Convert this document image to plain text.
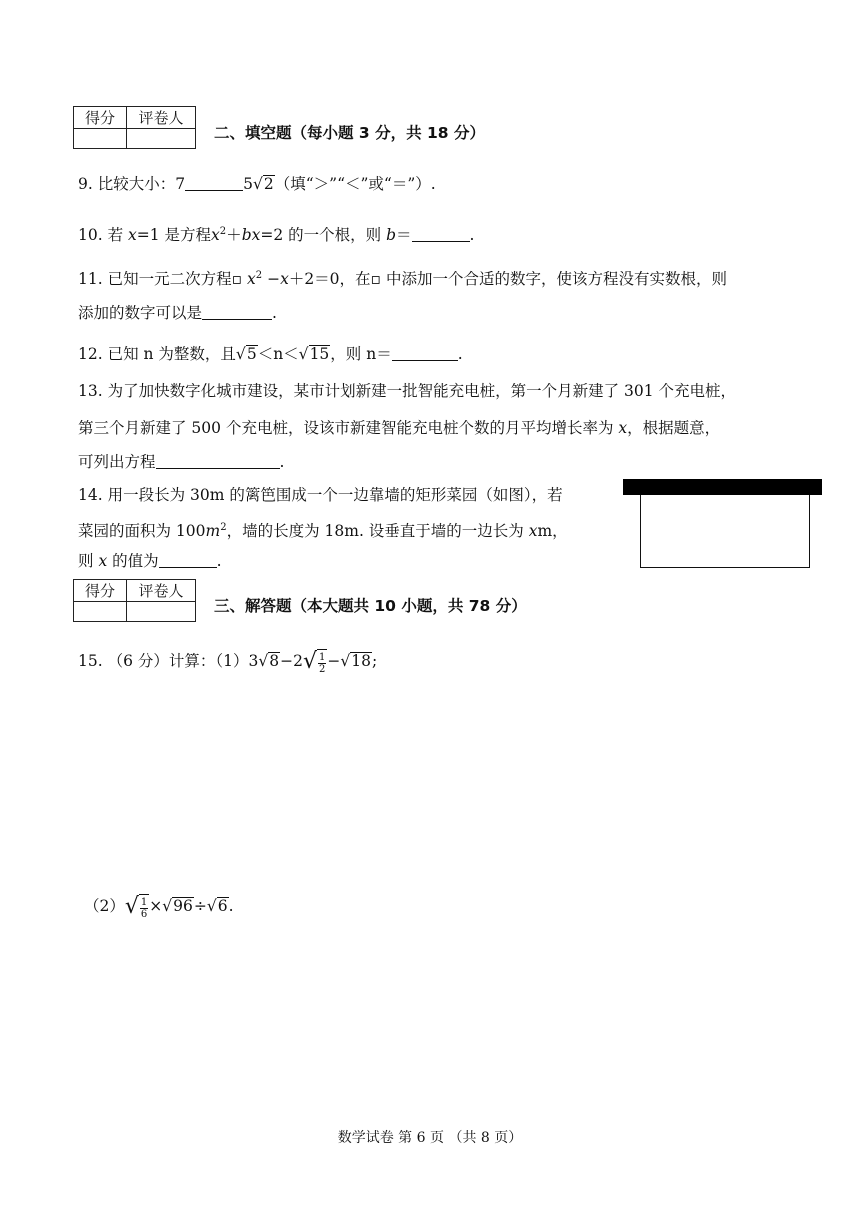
得分	评卷人

二、填空题（每小题 3 分，共 18 分）
9. 比较大小：7	5√2（填“＞”“＜”或“＝”）.
10. 若 x=1 是方程$x^2+bx=2$ 的一个根，则 b＝	.
11. 已知一元二次方程▫ $x^2 -x+2=0$，在▫ 中添加一个合适的数字，使该方程没有实数根，则
添加的数字可以是	.
12. 已知 n 为整数，且√5＜n＜√15，则 n＝	.
13. 为了加快数字化城市建设，某市计划新建一批智能充电桩，第一个月新建了 301 个充电桩，
第三个月新建了 500 个充电桩，设该市新建智能充电桩个数的月平均增长率为 x，根据题意，
可列出方程	.
14. 用一段长为 30m 的篱笆围成一个一边靠墙的矩形菜园（如图），若
菜园的面积为 $100m^2$，墙的长度为 18m. 设垂直于墙的一边长为 xm，
则 x 的值为	.
得分	评卷人

三、解答题（本大题共 10 小题，共 78 分）
15. （6 分）计算：$(1)3√8-2√ \frac{1}{2} -√18$;
$(2)√ \frac{1}{6} \times√96\div√6$.
数学试卷 第 6 页 （共 8 页）
